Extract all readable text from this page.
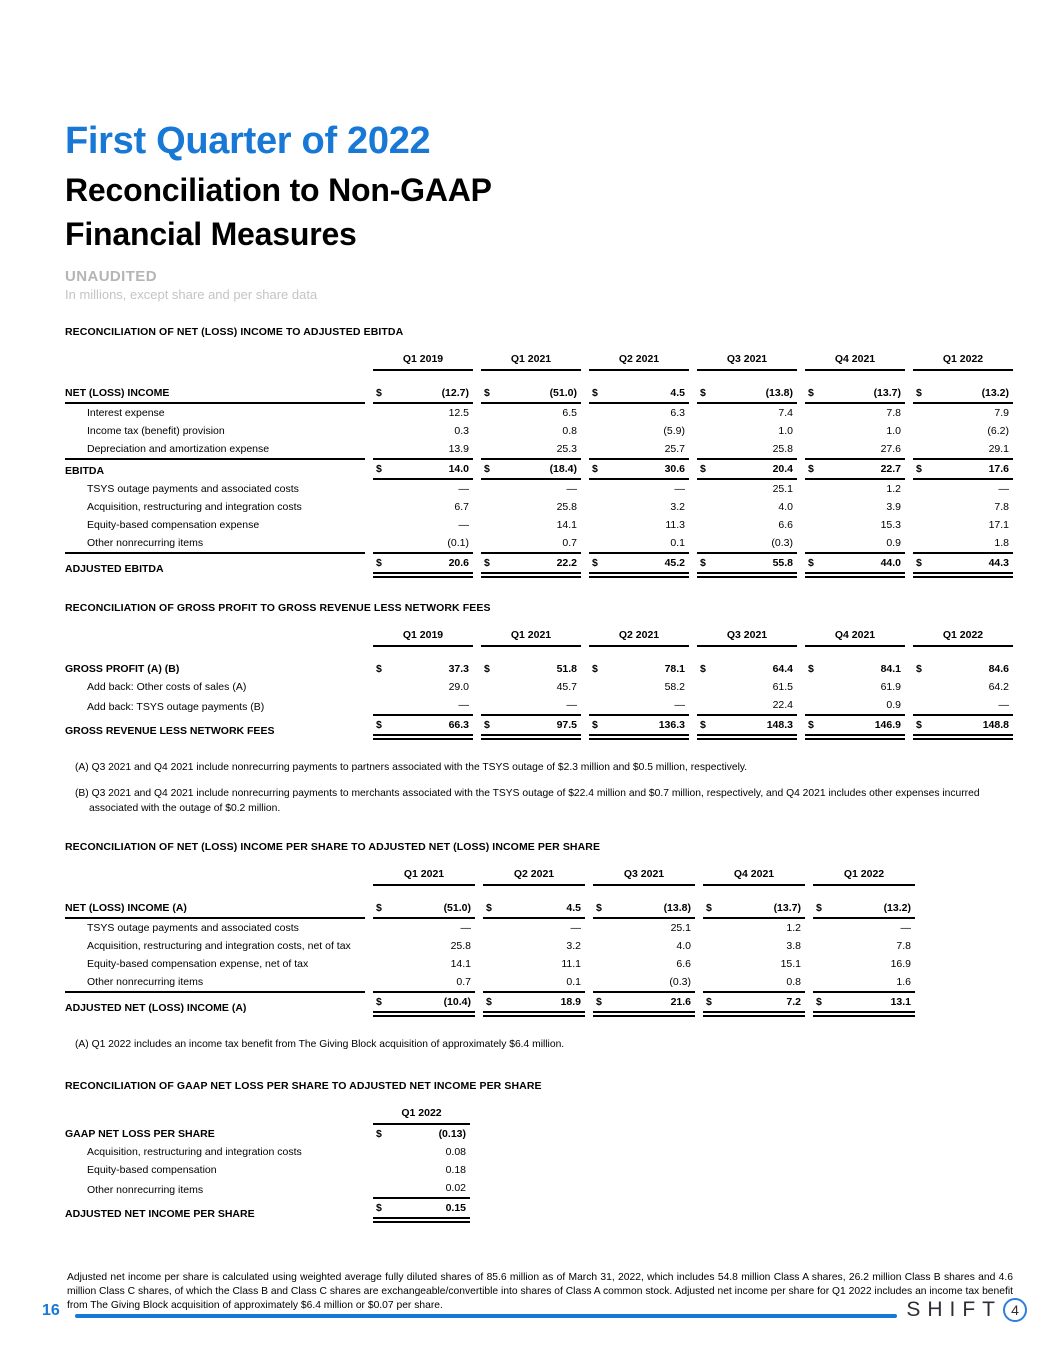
First Quarter of 2022
Reconciliation to Non-GAAP
Financial Measures
UNAUDITED
In millions, except share and per share data
RECONCILIATION OF NET (LOSS) INCOME TO ADJUSTED EBITDA
	Q1 2019	Q1 2021	Q2 2021	Q3 2021	Q4 2021	Q1 2022

NET (LOSS) INCOME	$ (12.7)	$ (51.0)	$ 4.5	$ (13.8)	$ (13.7)	$ (13.2)

Interest expense	12.5	6.5	6.3	7.4	7.8	7.9

Income tax (benefit) provision	0.3	0.8	(5.9)	1.0	1.0	(6.2)

Depreciation and amortization expense	13.9	25.3	25.7	25.8	27.6	29.1

EBITDA	$ 14.0	$ (18.4)	$ 30.6	$ 20.4	$ 22.7	$ 17.6

TSYS outage payments and associated costs	—	—	—	25.1	1.2	—

Acquisition, restructuring and integration costs	6.7	25.8	3.2	4.0	3.9	7.8

Equity-based compensation expense	—	14.1	11.3	6.6	15.3	17.1

Other nonrecurring items	(0.1)	0.7	0.1	(0.3)	0.9	1.8

ADJUSTED EBITDA	$ 20.6	$ 22.2	$ 45.2	$ 55.8	$ 44.0	$ 44.3
RECONCILIATION OF GROSS PROFIT TO GROSS REVENUE LESS NETWORK FEES
	Q1 2019	Q1 2021	Q2 2021	Q3 2021	Q4 2021	Q1 2022

GROSS PROFIT (A) (B)	$ 37.3	$ 51.8	$ 78.1	$ 64.4	$ 84.1	$ 84.6

Add back: Other costs of sales (A)	29.0	45.7	58.2	61.5	61.9	64.2

Add back: TSYS outage payments (B)	—	—	—	22.4	0.9	—

GROSS REVENUE LESS NETWORK FEES	$ 66.3	$ 97.5	$ 136.3	$ 148.3	$ 146.9	$ 148.8

(A) Q3 2021 and Q4 2021 include nonrecurring payments to partners associated with the TSYS outage of $2.3 million and $0.5 million, respectively.

(B) Q3 2021 and Q4 2021 include nonrecurring payments to merchants associated with the TSYS outage of $22.4 million and $0.7 million, respectively, and Q4 2021 includes other expenses incurred associated with the outage of $0.2 million.

RECONCILIATION OF NET (LOSS) INCOME PER SHARE TO ADJUSTED NET (LOSS) INCOME PER SHARE
	Q1 2021	Q2 2021	Q3 2021	Q4 2021	Q1 2022

NET (LOSS) INCOME (A)	$ (51.0)	$ 4.5	$ (13.8)	$ (13.7)	$ (13.2)

TSYS outage payments and associated costs	—	—	25.1	1.2	—

Acquisition, restructuring and integration costs, net of tax	25.8	3.2	4.0	3.8	7.8

Equity-based compensation expense, net of tax	14.1	11.1	6.6	15.1	16.9

Other nonrecurring items	0.7	0.1	(0.3)	0.8	1.6

ADJUSTED NET (LOSS) INCOME (A)	$ (10.4)	$ 18.9	$ 21.6	$ 7.2	$ 13.1

(A) Q1 2022 includes an income tax benefit from The Giving Block acquisition of approximately $6.4 million.

RECONCILIATION OF GAAP NET LOSS PER SHARE TO ADJUSTED NET INCOME PER SHARE
	Q1 2022
GAAP NET LOSS PER SHARE	$ (0.13)

Acquisition, restructuring and integration costs	0.08

Equity-based compensation	0.18

Other nonrecurring items	0.02

ADJUSTED NET INCOME PER SHARE	$ 0.15

Adjusted net income per share is calculated using weighted average fully diluted shares of 85.6 million as of March 31, 2022, which includes 54.8 million Class A shares, 26.2 million Class B shares and 4.6 million Class C shares, of which the Class B and Class C shares are exchangeable/convertible into shares of Class A common stock. Adjusted net income per share for Q1 2022 includes an income tax benefit from The Giving Block acquisition of approximately $6.4 million or $0.07 per share.

16	SHIFT 4
